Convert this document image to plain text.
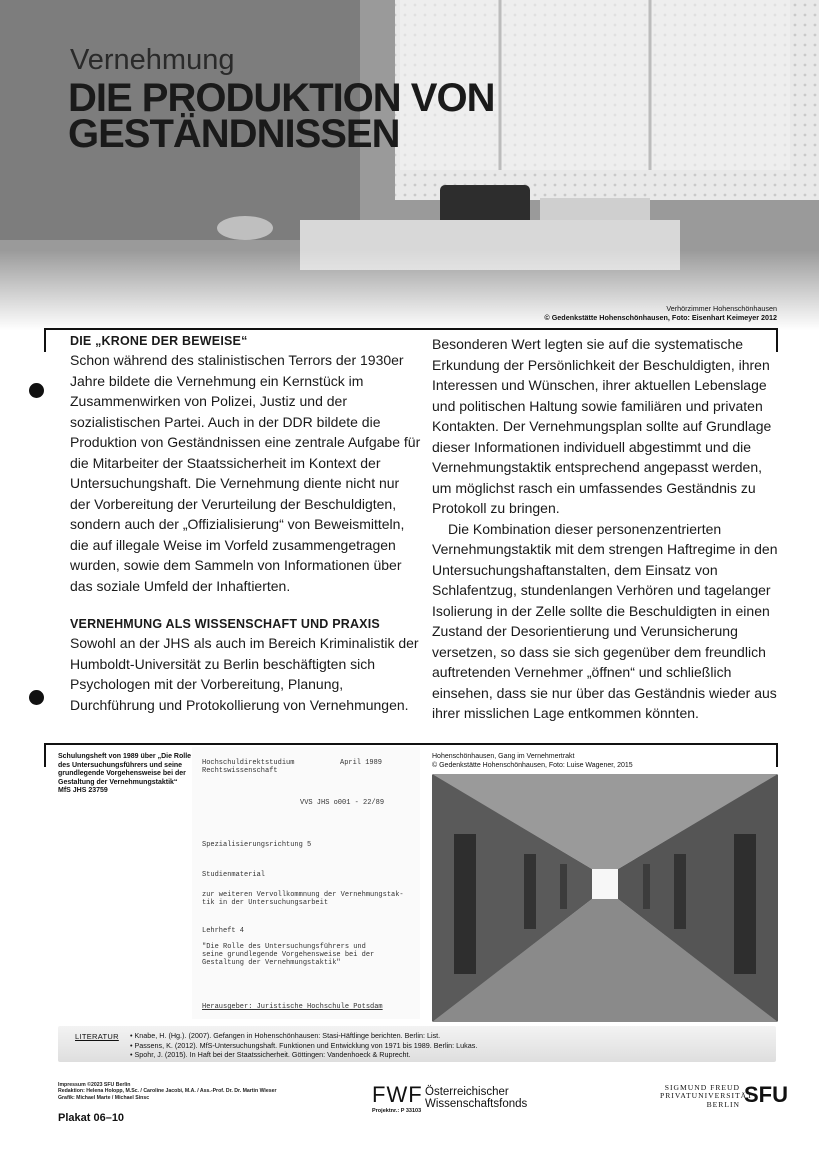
Vernehmung
DIE PRODUKTION VON
GESTÄNDNISSEN
Verhörzimmer Hohenschönhausen
© Gedenkstätte Hohenschönhausen, Foto: Eisenhart Keimeyer 2012
DIE „KRONE DER BEWEISE“

Schon während des stalinistischen Terrors der 1930er Jahre bildete die Vernehmung ein Kernstück im Zusammenwirken von Polizei, Justiz und der sozialistischen Partei. Auch in der DDR bildete die Produktion von Geständnissen eine zentrale Aufgabe für die Mitarbeiter der Staatssicherheit im Kontext der Untersuchungshaft. Die Vernehmung diente nicht nur der Vorbereitung der Verurteilung der Beschuldigten, sondern auch der „Offizialisierung“ von Beweismitteln, die auf illegale Weise im Vorfeld zusammengetragen wurden, sowie dem Sammeln von Informationen über das soziale Umfeld der Inhaftierten.

VERNEHMUNG ALS WISSENSCHAFT UND PRAXIS

Sowohl an der JHS als auch im Bereich Kriminalistik der Humboldt-Universität zu Berlin beschäftigten sich Psychologen mit der Vorbereitung, Planung, Durchführung und Protokollierung von Vernehmungen.

Besonderen Wert legten sie auf die systematische Erkundung der Persönlichkeit der Beschuldigten, ihren Interessen und Wünschen, ihrer aktuellen Lebenslage und politischen Haltung sowie familiären und privaten Kontakten. Der Vernehmungsplan sollte auf Grundlage dieser Informationen individuell abgestimmt und die Vernehmungstaktik entsprechend angepasst werden, um möglichst rasch ein umfassendes Geständnis zu Protokoll zu bringen.

Die Kombination dieser personenzentrierten Vernehmungstaktik mit dem strengen Haftregime in den Untersuchungshaftanstalten, dem Einsatz von Schlafentzug, stundenlangen Verhören und tagelanger Isolierung in der Zelle sollte die Beschuldigten in einen Zustand der Desorientierung und Verunsicherung versetzen, so dass sie sich gegenüber dem freundlich auftretenden Vernehmer „öffnen“ und schließlich einsehen, dass sie nur über das Geständnis wieder aus ihrer misslichen Lage entkommen könnten.

Schulungsheft von 1989 über „Die Rolle
des Untersuchungsführers und seine
grundlegende Vorgehensweise bei der
Gestaltung der Vernehmungstaktik“
MfS JHS 23759
Hochschuldirektstudium
Rechtswissenschaft
April 1989
VVS JHS o001 - 22/89
Spezialisierungsrichtung 5
Studienmaterial
zur weiteren Vervollkommnung der Vernehmungstak-
tik in der Untersuchungsarbeit
Lehrheft 4
"Die Rolle des Untersuchungsführers und
seine grundlegende Vorgehensweise bei der
Gestaltung der Vernehmungstaktik"
Herausgeber: Juristische Hochschule Potsdam
Hohenschönhausen, Gang im Vernehmertrakt
© Gedenkstätte Hohenschönhausen, Foto: Luise Wagener, 2015
LITERATUR • Knabe, H. (Hg.). (2007). Gefangen in Hohenschönhausen: Stasi-Häftlinge berichten. Berlin: List.
• Passens, K. (2012). MfS-Untersuchungshaft. Funktionen und Entwicklung von 1971 bis 1989. Berlin: Lukas.
• Spohr, J. (2015). In Haft bei der Staatssicherheit. Göttingen: Vandenhoeck & Ruprecht.
Impressum ©2023 SFU Berlin
Redaktion: Helena Holopp, M.Sc. / Caroline Jacobi, M.A. / Ass.-Prof. Dr. Dr. Martin Wieser
Grafik: Michael Marte / Michael Sinsc
Plakat 06–10
FWF Österreichischer
Wissenschaftsfonds
Projektnr.: P 33103
SIGMUND FREUD
PRIVATUNIVERSITÄT
BERLIN SFU
